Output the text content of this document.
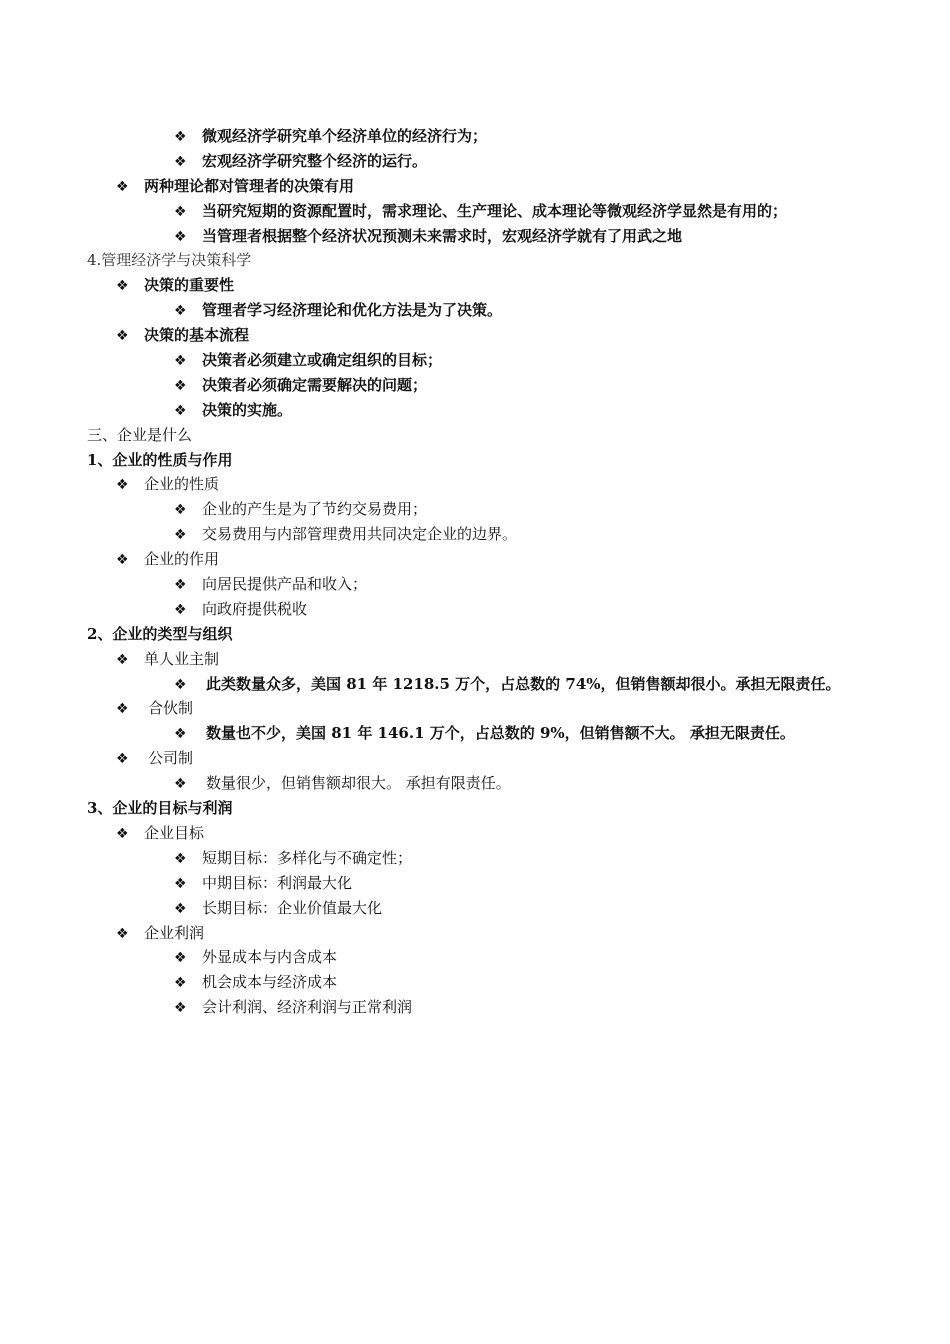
❖ 微观经济学研究单个经济单位的经济行为；
❖ 宏观经济学研究整个经济的运行。
❖ 两种理论都对管理者的决策有用
❖ 当研究短期的资源配置时，需求理论、生产理论、成本理论等微观经济学显然是有用的；
❖ 当管理者根据整个经济状况预测未来需求时，宏观经济学就有了用武之地
4.管理经济学与决策科学
❖ 决策的重要性
❖ 管理者学习经济理论和优化方法是为了决策。
❖ 决策的基本流程
❖ 决策者必须建立或确定组织的目标；
❖ 决策者必须确定需要解决的问题；
❖ 决策的实施。
三、企业是什么
1、企业的性质与作用
❖ 企业的性质
❖ 企业的产生是为了节约交易费用；
❖ 交易费用与内部管理费用共同决定企业的边界。
❖ 企业的作用
❖ 向居民提供产品和收入；
❖ 向政府提供税收
2、企业的类型与组织
❖ 单人业主制
❖ 此类数量众多，美国 81 年 1218.5 万个，占总数的 74%，但销售额却很小。承担无限责任。
❖ 合伙制
❖ 数量也不少，美国 81 年 146.1 万个，占总数的 9%，但销售额不大。 承担无限责任。
❖ 公司制
❖ 数量很少，但销售额却很大。 承担有限责任。
3、企业的目标与利润
❖ 企业目标
❖ 短期目标：多样化与不确定性；
❖ 中期目标：利润最大化
❖ 长期目标：企业价值最大化
❖ 企业利润
❖ 外显成本与内含成本
❖ 机会成本与经济成本
❖ 会计利润、经济利润与正常利润
